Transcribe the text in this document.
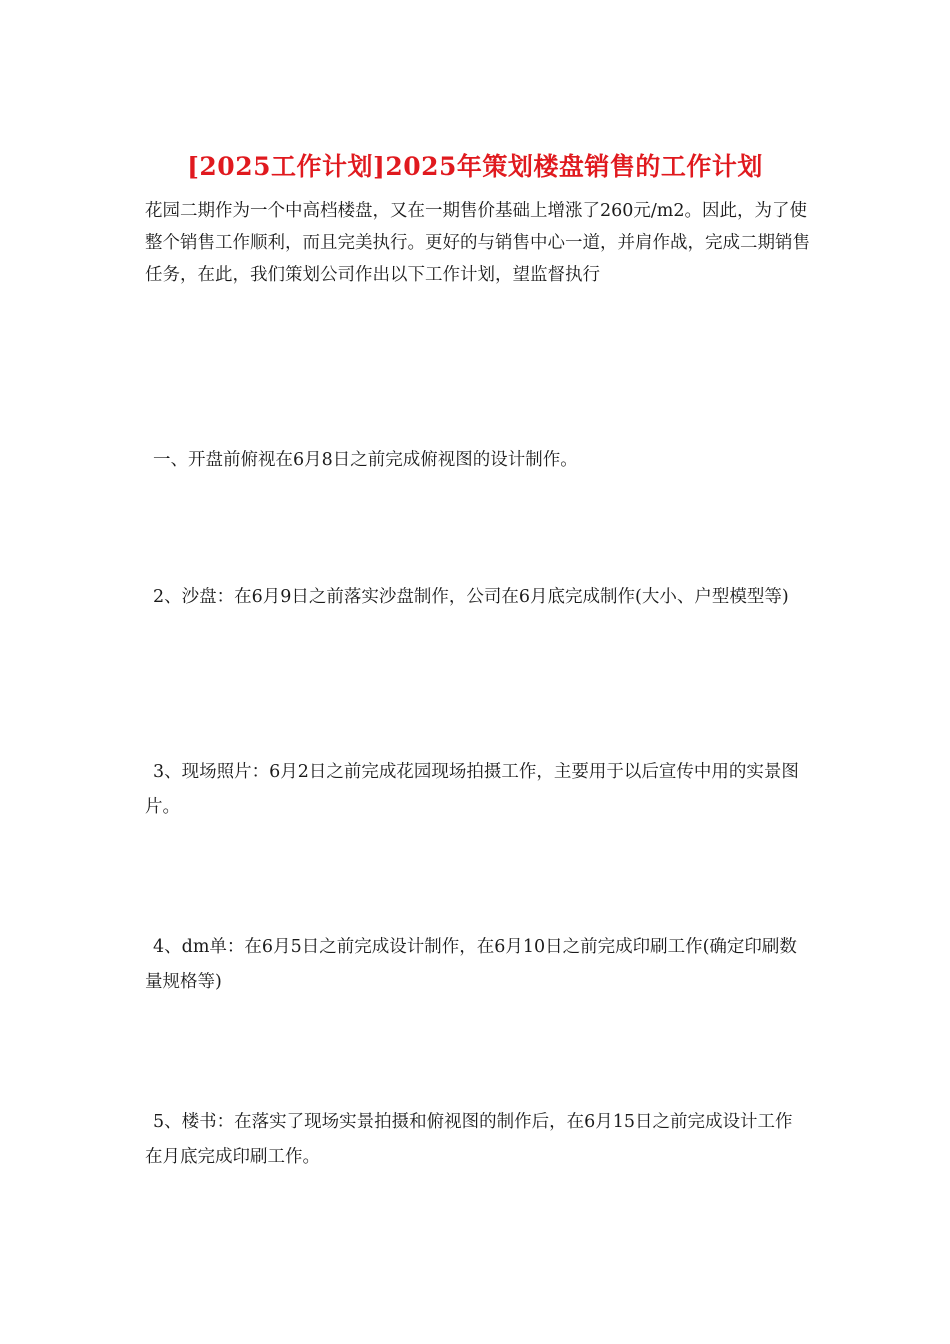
[2025工作计划]2025年策划楼盘销售的工作计划

花园二期作为一个中高档楼盘，又在一期售价基础上增涨了260元/m2。因此，为了使整个销售工作顺利，而且完美执行。更好的与销售中心一道，并肩作战，完成二期销售任务，在此，我们策划公司作出以下工作计划，望监督执行

一、开盘前俯视在6月8日之前完成俯视图的设计制作。

2、沙盘：在6月9日之前落实沙盘制作，公司在6月底完成制作(大小、户型模型等)

3、现场照片：6月2日之前完成花园现场拍摄工作，主要用于以后宣传中用的实景图片。

4、dm单：在6月5日之前完成设计制作，在6月10日之前完成印刷工作(确定印刷数量规格等)

5、楼书：在落实了现场实景拍摄和俯视图的制作后，在6月15日之前完成设计工作在月底完成印刷工作。
